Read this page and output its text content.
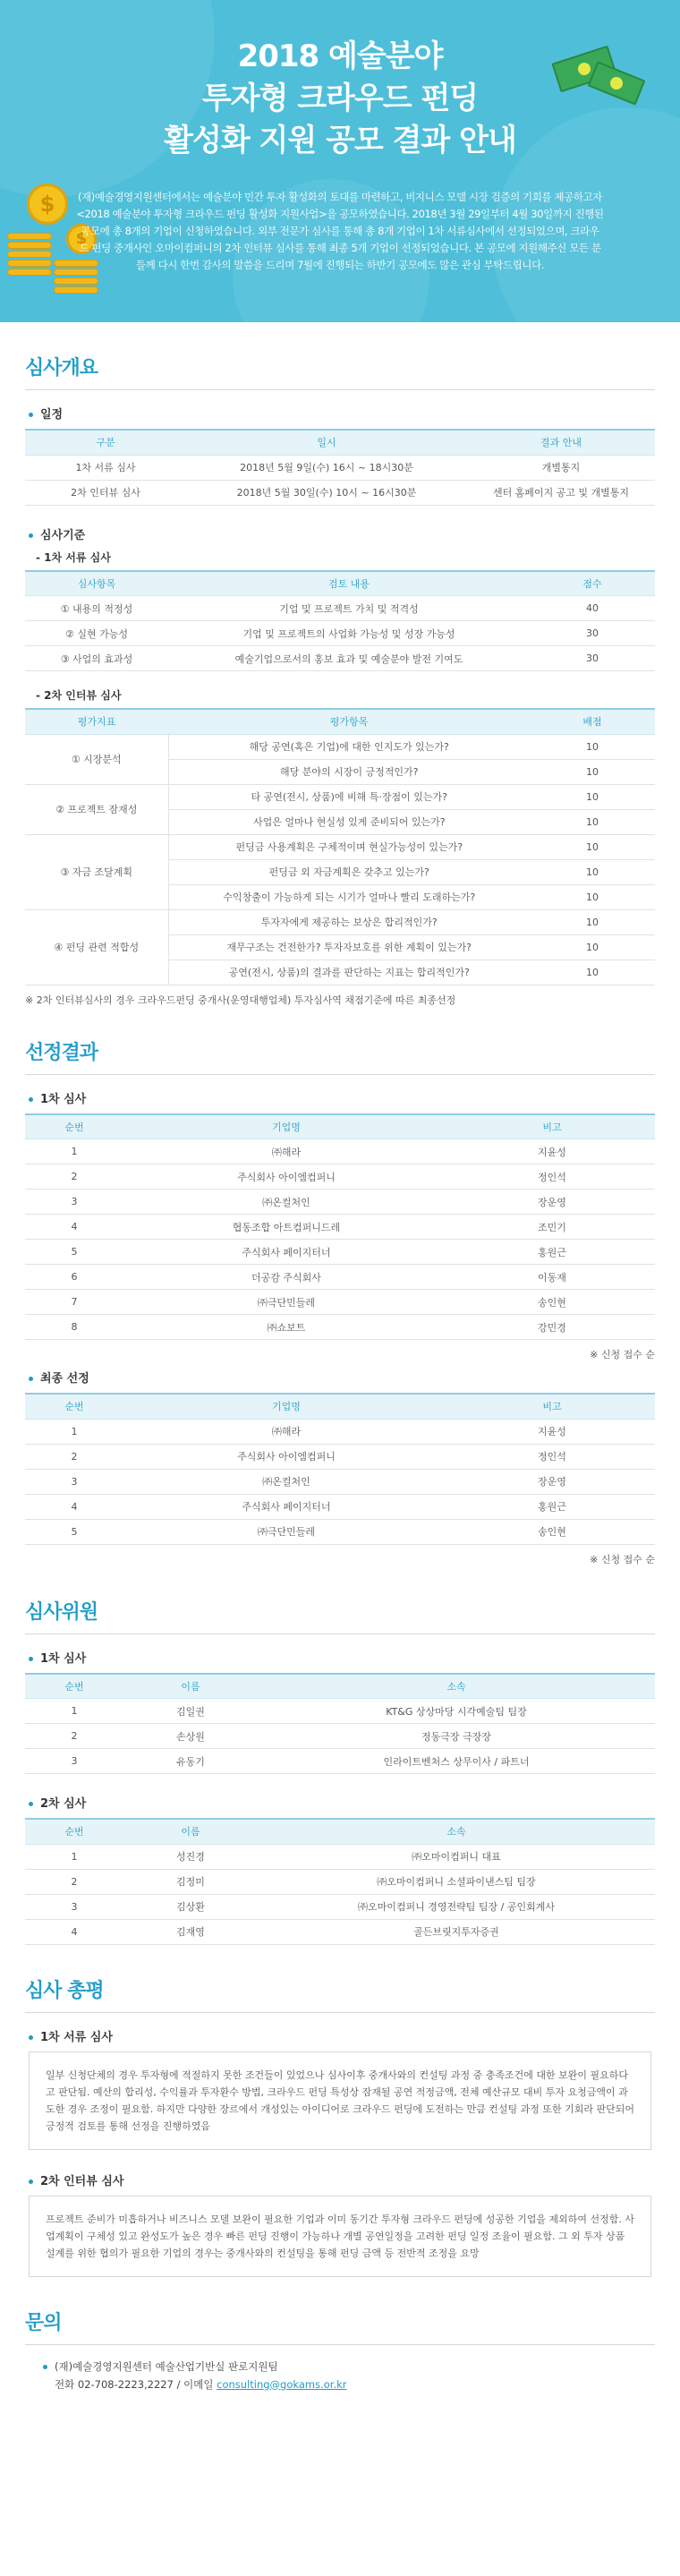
$
$
2018 예술분야
투자형 크라우드 펀딩
활성화 지원 공모 결과 안내

(재)예술경영지원센터에서는 예술분야 민간 투자 활성화의 토대를 마련하고, 비지니스 모델 시장 검증의 기회를 제공하고자 <2018 예술분야 투자형 크라우드 펀딩 활성화 지원사업>을 공모하였습니다. 2018년 3월 29일부터 4월 30일까지 진행된 공모에 총 8개의 기업이 신청하였습니다. 외부 전문가 심사를 통해 총 8개 기업이 1차 서류심사에서 선정되었으며, 크라우드 펀딩 중개사인 오마이컴퍼니의 2차 인터뷰 심사를 통해 최종 5개 기업이 선정되었습니다. 본 공모에 지원해주신 모든 분들께 다시 한번 감사의 말씀을 드리며 7월에 진행되는 하반기 공모에도 많은 관심 부탁드립니다.

심사개요
일정
구분	일시	결과 안내
1차 서류 심사	2018년 5월 9일(수) 16시 ~ 18시30분	개별통지
2차 인터뷰 심사	2018년 5월 30일(수) 10시 ~ 16시30분	센터 홈페이지 공고 및 개별통지
심사기준
- 1차 서류 심사
심사항목	검토 내용	점수
① 내용의 적정성	기업 및 프로젝트 가치 및 적격성	40
② 실현 가능성	기업 및 프로젝트의 사업화 가능성 및 성장 가능성	30
③ 사업의 효과성	예술기업으로서의 홍보 효과 및 예술분야 발전 기여도	30
- 2차 인터뷰 심사
평가지표	평가항목	배점
① 시장분석	해당 공연(혹은 기업)에 대한 인지도가 있는가?	10
	해당 분야의 시장이 긍정적인가?	10
② 프로젝트 잠재성	타 공연(전시, 상품)에 비해 특·장점이 있는가?	10
	사업은 얼마나 현실성 있게 준비되어 있는가?	10
③ 자금 조달계획	펀딩금 사용계획은 구체적이며 현실가능성이 있는가?	10
	펀딩금 외 자금계획은 갖추고 있는가?	10
	수익창출이 가능하게 되는 시기가 얼마나 빨리 도래하는가?	10
④ 펀딩 관련 적합성	투자자에게 제공하는 보상은 합리적인가?	10
	재무구조는 건전한가? 투자자보호를 위한 계획이 있는가?	10
	공연(전시, 상품)의 결과를 판단하는 지표는 합리적인가?	10

※ 2차 인터뷰심사의 경우 크라우드펀딩 중개사(운영대행업체) 투자심사역 채점기준에 따른 최종선정

선정결과
1차 심사
순번	기업명	비고
1	㈜해라	지윤성
2	주식회사 아이엠컴퍼니	정인석
3	㈜온컬처인	장운영
4	협동조합 아트컴퍼니드레	조민기
5	주식회사 페이지터너	홍원근
6	더공감 주식회사	이동재
7	㈜극단민들레	송인현
8	㈜쇼보트	강민경

※ 신청 접수 순

최종 선정
순번	기업명	비고
1	㈜해라	지윤성
2	주식회사 아이엠컴퍼니	정인석
3	㈜온컬처인	장운영
4	주식회사 페이지터너	홍원근
5	㈜극단민들레	송인현

※ 신청 접수 순

심사위원
1차 심사
순번	이름	소속
1	김일권	KT&G 상상마당 시각예술팀 팀장
2	손상원	정동극장 극장장
3	유동기	인라이트벤처스 상무이사 / 파트너
2차 심사
순번	이름	소속
1	성진경	㈜오마이컴퍼니 대표
2	김정미	㈜오마이컴퍼니 소셜파이낸스팀 팀장
3	김상환	㈜오마이컴퍼니 경영전략팀 팀장 / 공인회계사
4	김재영	골든브릿지투자증권
심사 총평
1차 서류 심사
일부 신청단체의 경우 투자형에 적절하지 못한 조건들이 있었으나 심사이후 중개사와의 컨설팅 과정 중 충족조건에 대한 보완이 필요하다고 판단됨. 예산의 합리성, 수익률과 투자환수 방법, 크라우드 펀딩 특성상 잠재될 공연 적정금액, 전체 예산규모 대비 투자 요청금액이 과도한 경우 조정이 필요함. 하지만 다양한 장르에서 개성있는 아이디어로 크라우드 펀딩에 도전하는 만큼 컨설팅 과정 또한 기회라 판단되어 긍정적 검토를 통해 선정을 진행하였음
2차 인터뷰 심사
프로젝트 준비가 미흡하거나 비즈니스 모델 보완이 필요한 기업과 이미 동기간 투자형 크라우드 펀딩에 성공한 기업을 제외하여 선정함. 사업계획이 구체성 있고 완성도가 높은 경우 빠른 펀딩 진행이 가능하나 개별 공연일정을 고려한 펀딩 일정 조율이 필요함. 그 외 투자 상품 설계를 위한 협의가 필요한 기업의 경우는 중개사와의 컨설팅을 통해 펀딩 금액 등 전반적 조정을 요망
문의
(재)예술경영지원센터 예술산업기반실 판로지원팀
전화 02-708-2223,2227 / 이메일 consulting@gokams.or.kr
